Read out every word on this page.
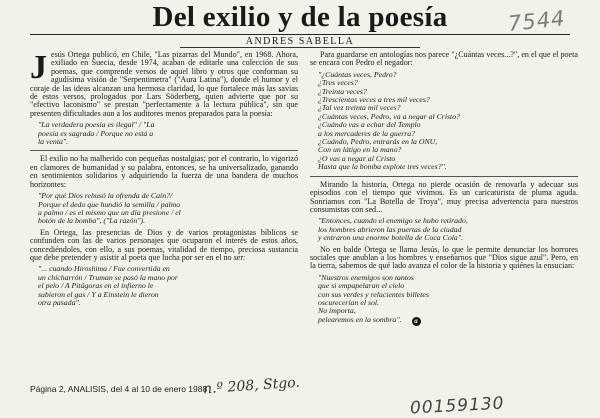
Del exilio y de la poesía	7544
ANDRES SABELLA

Jesús Ortega publicó, en Chile, "Las pizarras del Mundo", en 1968. Ahora, exiliado en Suecia, desde 1974, acaban de editarle una colección de sus poemas, que comprende versos de aquel libro y otros que conforman su agudísima visión de "Serpentimetra" ("Aura Latina"), donde el humor y el coraje de las ideas alcanzan una hermosa claridad, lo que fortalece más las savias de estos versos, prologados por Lars Söderberg, quien advierte que por su "efectivo laconismo" se prestan "perfectamente a la lectura pública", sin que presenten dificultades aun a los auditores menos preparados para la poesía:

"La verdadera poesía es ilegal" / "La
poesía es sagrada / Porque no está a
la venta".

El exilio no ha malherido con pequeñas nostalgias; por el contrario, lo vigorizó en clamores de humanidad y su palabra, entonces, se ha universalizado, ganando en sentimientos solidarios y adquiriendo la fuerza de una bandera de muchos horizontes:

"Por qué Dios rehusó la ofrenda de Caín?/
Porque el dedo que hundió la semilla / palmo
a palmo / es el mismo que un día presione / el
botón de la bomba", ("La razón").

En Ortega, las presencias de Dios y de varios protagonistas bíblicos se confunden con las de varios personajes que ocuparon el interés de estos años, concediéndoles, con ello, a sus poemas, vitalidad de tiempo, preciosa sustancia que debe pretender y asistir al poeta que lucha por ser en el no ser:

"... cuando Hiroshima / Fue convertida en
un chicharrón / Truman se pasó la mano por
el pelo / A Pitágoras en el infierno le
subieron el gas / Y a Einstein le dieron
otra pasada".

Para guardarse en antologías nos parece "¿Cuántas veces...?", en el que el poeta se encara con Pedro el negador:

"¿Cuántas veces, Pedro?
¿Tres veces?
¿Treinta veces?
¿Trescientas veces a tres mil veces?
¿Tal vez treinta mil veces?
¿Cuántas veces, Pedro, va a negar al Cristo?
¿Cuándo vas a echar del Templo
a los mercaderes de la guerra?
¿Cuándo, Pedro, entrarás en la ONU,
Con un látigo en la mano?
¿O vas a negar al Cristo
Hasta que la bomba explote tres veces?".

Mirando la historia, Ortega no pierde ocasión de renovarla y adecuar sus episodios con el tiempo que vivimos. Es un caricaturista de pluma aguda. Sonriamos con "La Botella de Troya", muy precisa advertencia para nuestros consumistas con sed...

"Entonces, cuando el enemigo se hubo retirado,
los hombres abrieron las puertas de la ciudad
y entraron una enorme botella de Coca Cola".

No en balde Ortega se llama Jesús, lo que le permite denunciar los horrores sociales que anublan a los hombres y enseñarnos que "Dios sigue azul". Pero, en la tierra, sabemos de qué lado avanza el color de la historia y quiénes la ensucian:

"Nuestros enemigos son tantos
que si empapelaran el cielo
con sus verdes y relucientes billetes
oscurecerían el sol.
No importa,
pelearemos en la sombra". a
Página 2, ANALISIS, del 4 al 10 de enero 1988
n.º 208, Stgo.
00159130
